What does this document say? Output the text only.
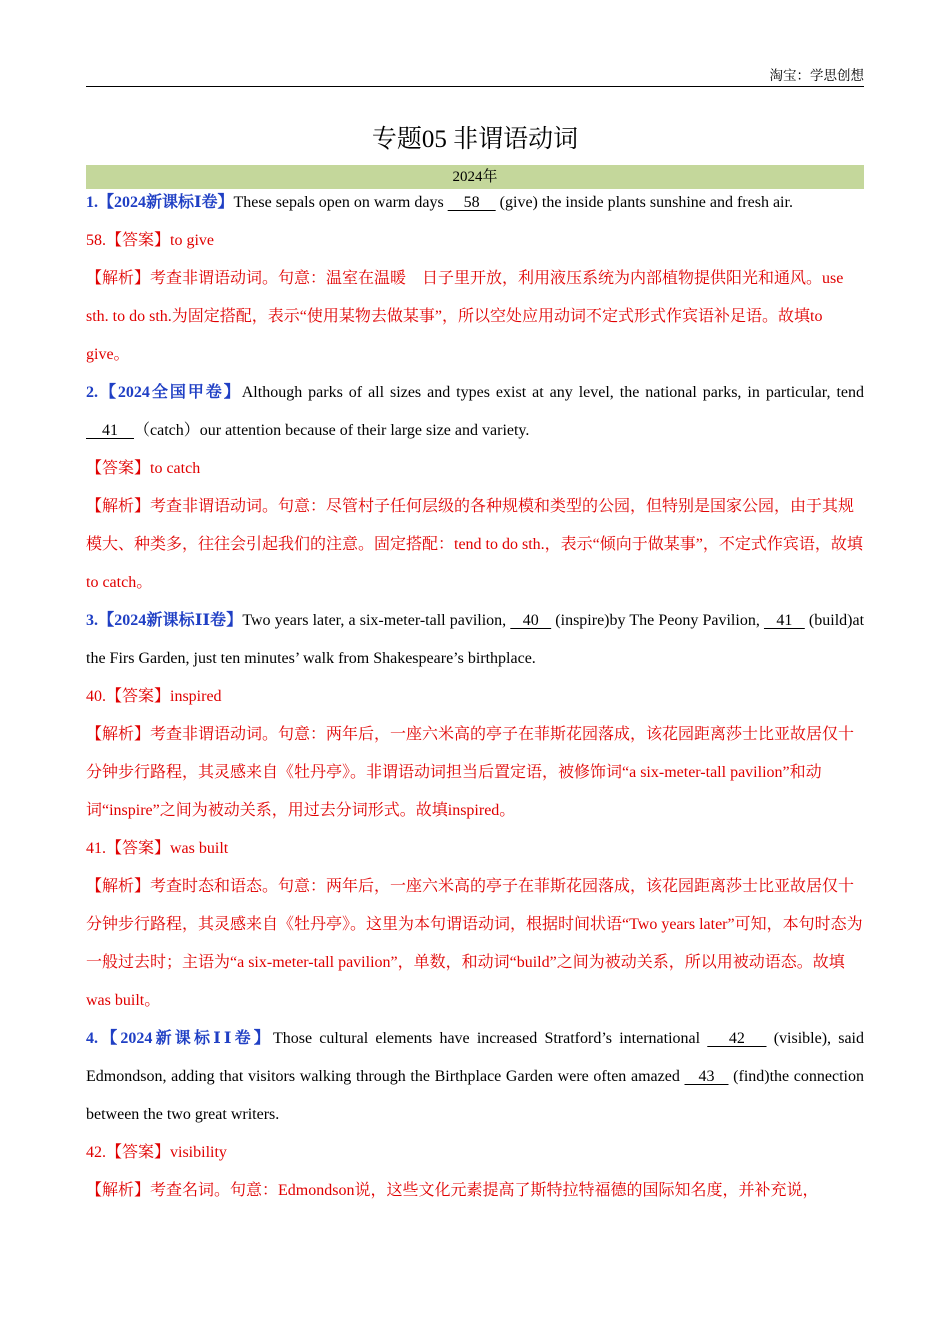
淘宝：学思创想
专题05 非谓语动词
2024年

1.【2024新课标Ⅰ卷】These sepals open on warm days     58     (give) the inside plants sunshine and fresh air.

58.【答案】to give

【解析】考查非谓语动词。句意：温室在温暖　日子里开放，利用液压系统为内部植物提供阳光和通风。use sth. to do sth.为固定搭配，表示“使用某物去做某事”，所以空处应用动词不定式形式作宾语补足语。故填to give。

2.【2024全国甲卷】Although parks of all sizes and types exist at any level, the national parks, in particular, tend     41    （catch）our attention because of their large size and variety.

【答案】to catch

【解析】考查非谓语动词。句意：尽管村子任何层级的各种规模和类型的公园，但特别是国家公园，由于其规模大、种类多，往往会引起我们的注意。固定搭配：tend to do sth.，表示“倾向于做某事”，不定式作宾语，故填to catch。

3.【2024新课标ⅠⅠ卷】Two years later, a six-meter-tall pavilion,    40    (inspire)by The Peony Pavilion,    41    (build)at the Firs Garden, just ten minutes’ walk from Shakespeare’s birthplace.

40.【答案】inspired

【解析】考查非谓语动词。句意：两年后，一座六米高的亭子在菲斯花园落成，该花园距离莎士比亚故居仅十分钟步行路程，其灵感来自《牡丹亭》。非谓语动词担当后置定语，被修饰词“a six-meter-tall pavilion”和动词“inspire”之间为被动关系，用过去分词形式。故填inspired。

41.【答案】was built

【解析】考查时态和语态。句意：两年后，一座六米高的亭子在菲斯花园落成，该花园距离莎士比亚故居仅十分钟步行路程，其灵感来自《牡丹亭》。这里为本句谓语动词，根据时间状语“Two years later”可知，本句时态为一般过去时；主语为“a six-meter-tall pavilion”，单数，和动词“build”之间为被动关系，所以用被动语态。故填was built。

4.【2024新课标ⅠⅠ卷】Those cultural elements have increased Stratford’s international    42    (visible), said Edmondson, adding that visitors walking through the Birthplace Garden were often amazed    43    (find)the connection between the two great writers.

42.【答案】visibility

【解析】考查名词。句意：Edmondson说，这些文化元素提高了斯特拉特福德的国际知名度，并补充说，
